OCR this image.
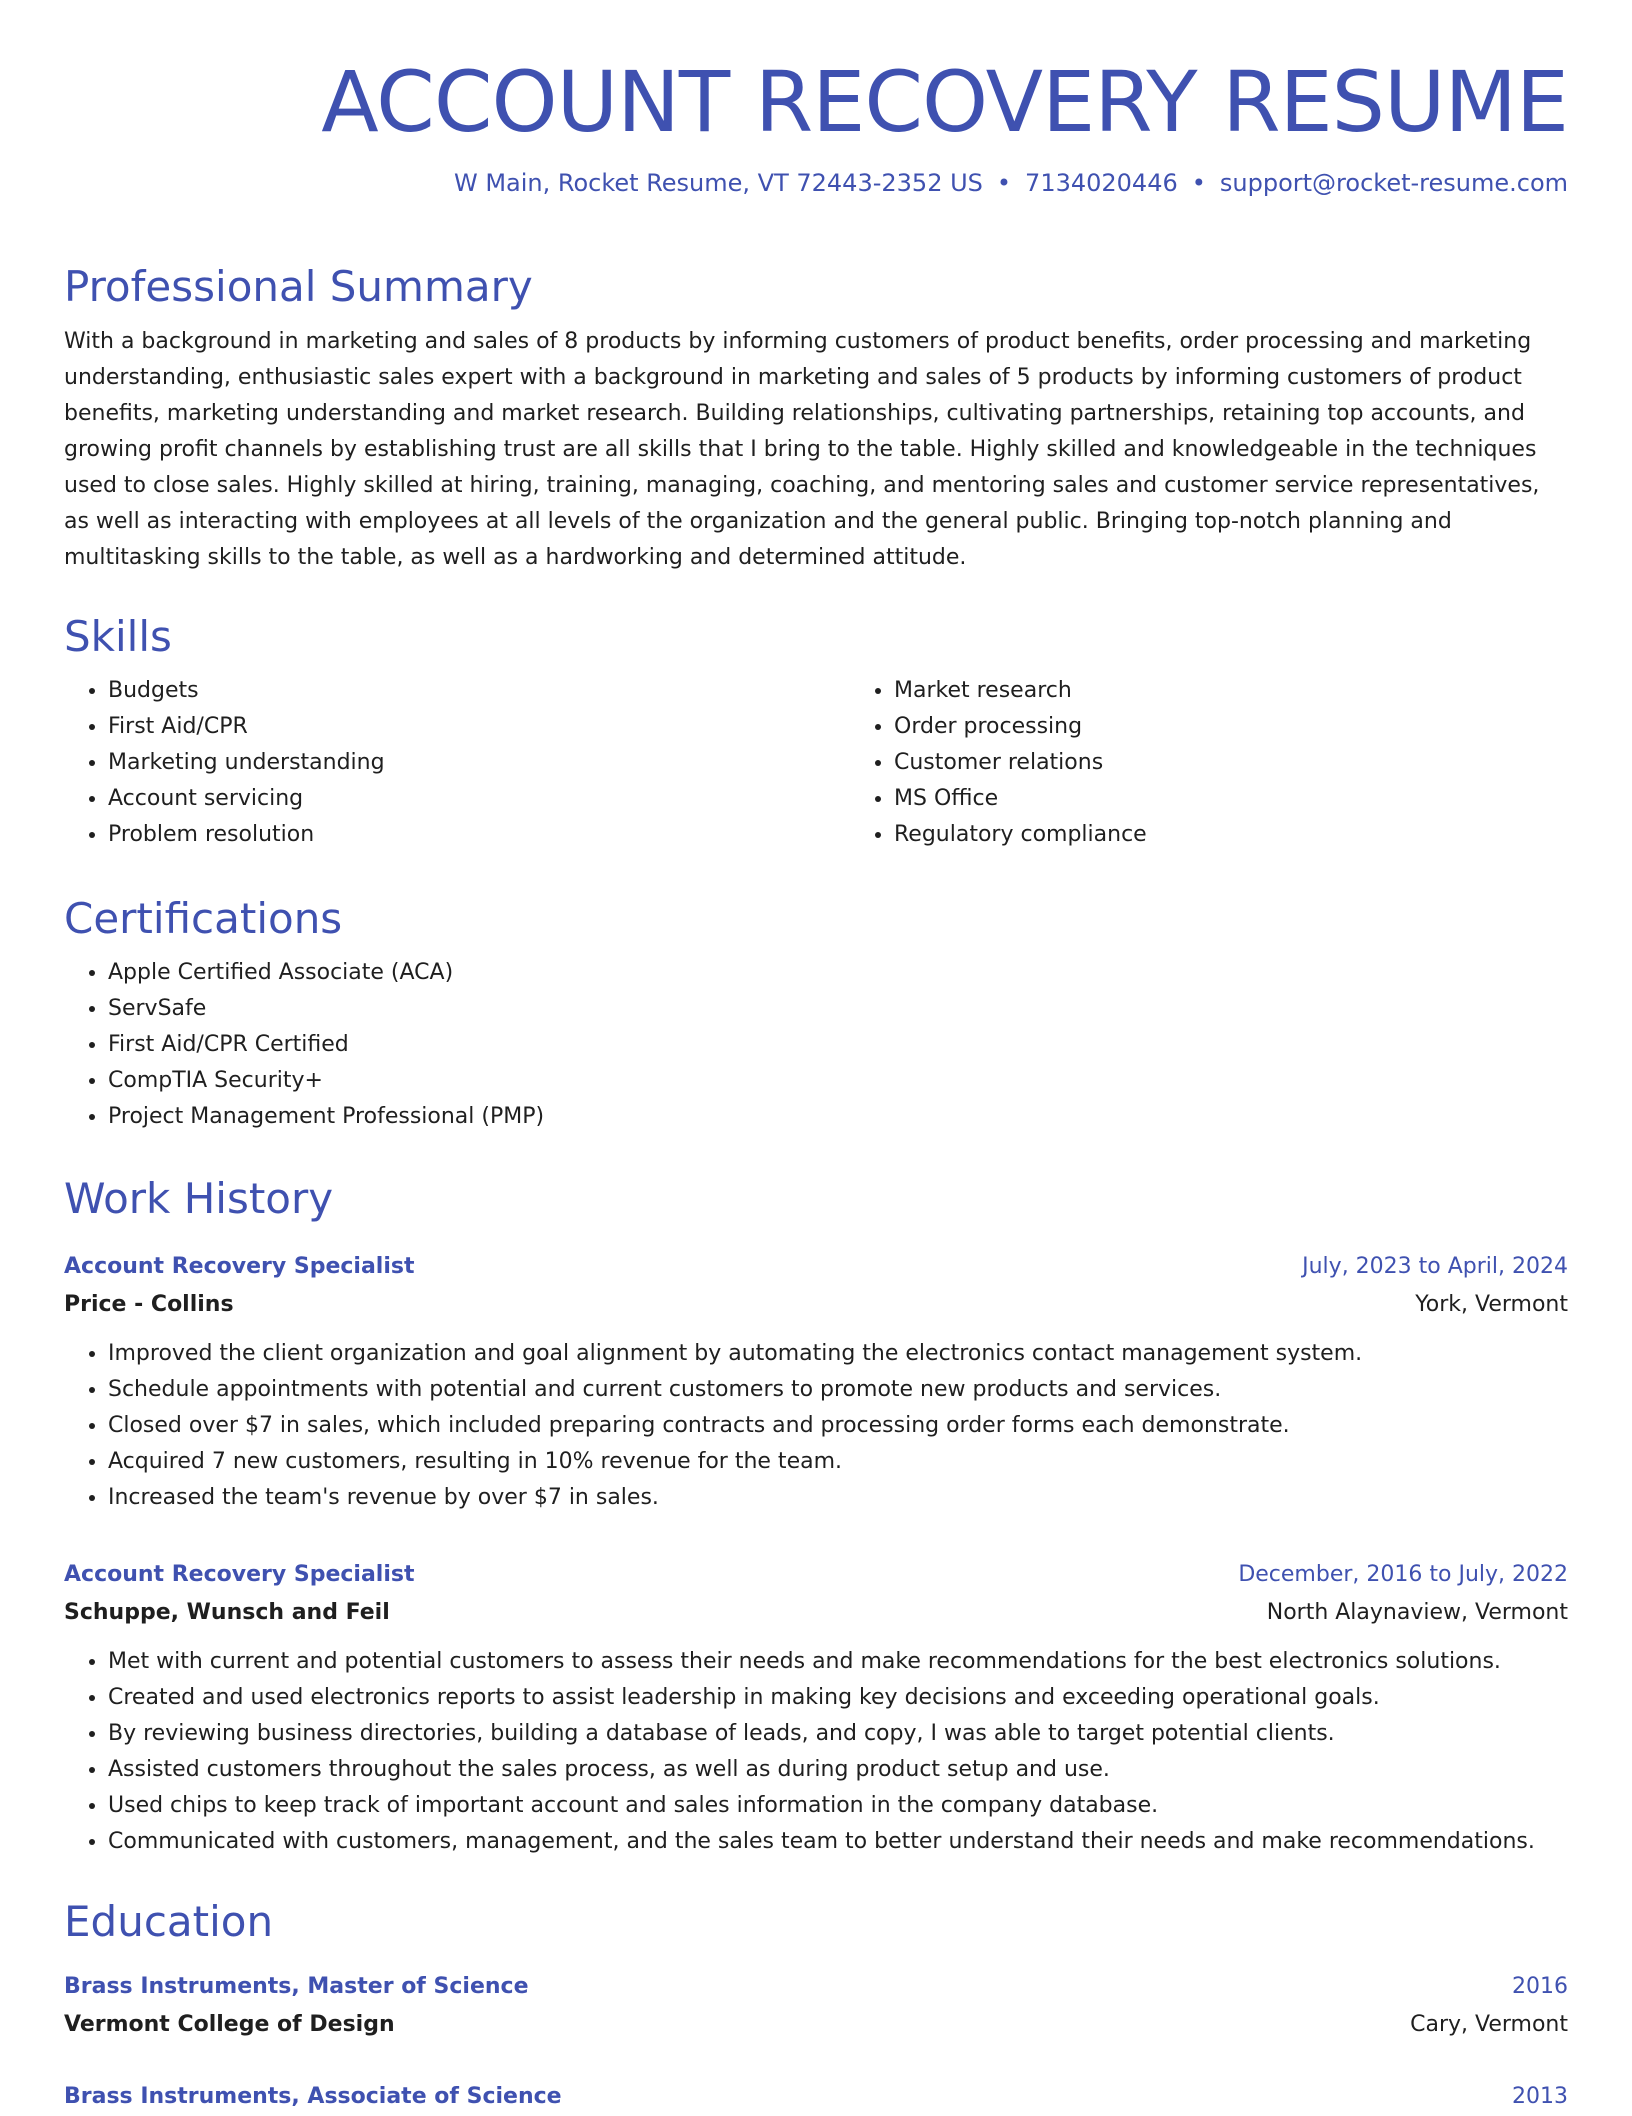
ACCOUNT RECOVERY RESUME
W Main, Rocket Resume, VT 72443-2352 US • 7134020446 • support@rocket-resume.com
Professional Summary

With a background in marketing and sales of 8 products by informing customers of product benefits, order processing and marketing understanding, enthusiastic sales expert with a background in marketing and sales of 5 products by informing customers of product benefits, marketing understanding and market research. Building relationships, cultivating partnerships, retaining top accounts, and growing profit channels by establishing trust are all skills that I bring to the table. Highly skilled and knowledgeable in the techniques used to close sales. Highly skilled at hiring, training, managing, coaching, and mentoring sales and customer service representatives, as well as interacting with employees at all levels of the organization and the general public. Bringing top-notch planning and multitasking skills to the table, as well as a hardworking and determined attitude.

Skills
• Budgets
• First Aid/CPR
• Marketing understanding
• Account servicing
• Problem resolution
• Market research
• Order processing
• Customer relations
• MS Office
• Regulatory compliance
Certifications
• Apple Certified Associate (ACA)
• ServSafe
• First Aid/CPR Certified
• CompTIA Security+
• Project Management Professional (PMP)
Work History
Account Recovery Specialist	July, 2023 to April, 2024
Price - Collins	York, Vermont
• Improved the client organization and goal alignment by automating the electronics contact management system.
• Schedule appointments with potential and current customers to promote new products and services.
• Closed over $7 in sales, which included preparing contracts and processing order forms each demonstrate.
• Acquired 7 new customers, resulting in 10% revenue for the team.
• Increased the team's revenue by over $7 in sales.
Account Recovery Specialist	December, 2016 to July, 2022
Schuppe, Wunsch and Feil	North Alaynaview, Vermont
• Met with current and potential customers to assess their needs and make recommendations for the best electronics solutions.
• Created and used electronics reports to assist leadership in making key decisions and exceeding operational goals.
• By reviewing business directories, building a database of leads, and copy, I was able to target potential clients.
• Assisted customers throughout the sales process, as well as during product setup and use.
• Used chips to keep track of important account and sales information in the company database.
• Communicated with customers, management, and the sales team to better understand their needs and make recommendations.
Education
Brass Instruments, Master of Science	2016
Vermont College of Design	Cary, Vermont
Brass Instruments, Associate of Science	2013
